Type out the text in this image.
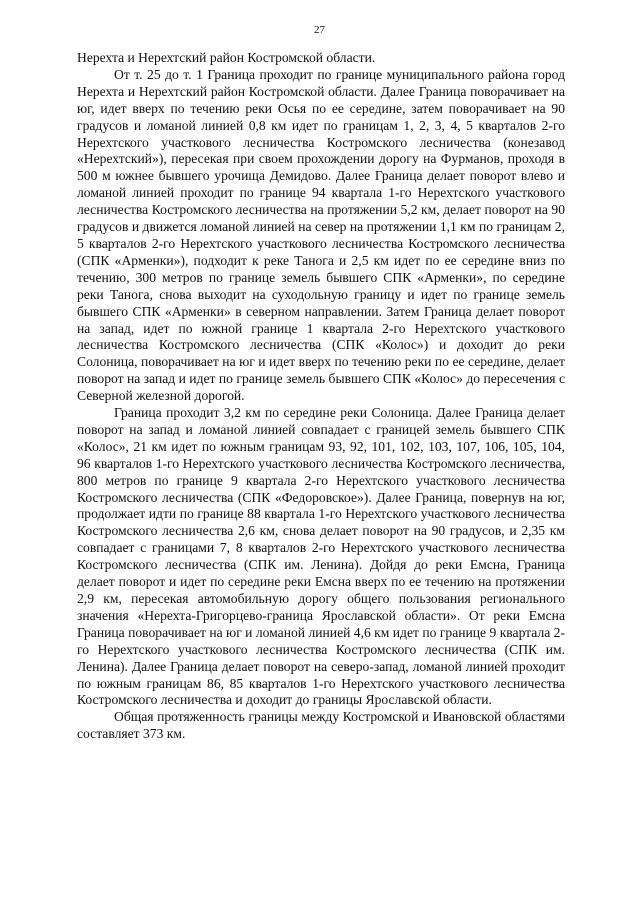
27

Нерехта и Нерехтский район Костромской области.

От т. 25 до т. 1 Граница проходит по границе муниципального района город Нерехта и Нерехтский район Костромской области. Далее Граница поворачивает на юг, идет вверх по течению реки Осья по ее середине, затем поворачивает на 90 градусов и ломаной линией 0,8 км идет по границам 1, 2, 3, 4, 5 кварталов 2-го Нерехтского участкового лесничества Костромского лесничества (конезавод «Нерехтский»), пересекая при своем прохождении дорогу на Фурманов, проходя в 500 м южнее бывшего урочища Демидово. Далее Граница делает поворот влево и ломаной линией проходит по границе 94 квартала 1-го Нерехтского участкового лесничества Костромского лесничества на протяжении 5,2 км, делает поворот на 90 градусов и движется ломаной линией на север на протяжении 1,1 км по границам 2, 5 кварталов 2-го Нерехтского участкового лесничества Костромского лесничества (СПК «Арменки»), подходит к реке Танога и 2,5 км идет по ее середине вниз по течению, 300 метров по границе земель бывшего СПК «Арменки», по середине реки Танога, снова выходит на суходольную границу и идет по границе земель бывшего СПК «Арменки» в северном направлении. Затем Граница делает поворот на запад, идет по южной границе 1 квартала 2-го Нерехтского участкового лесничества Костромского лесничества (СПК «Колос») и доходит до реки Солоница, поворачивает на юг и идет вверх по течению реки по ее середине, делает поворот на запад и идет по границе земель бывшего СПК «Колос» до пересечения с Северной железной дорогой.

Граница проходит 3,2 км по середине реки Солоница. Далее Граница делает поворот на запад и ломаной линией совпадает с границей земель бывшего СПК «Колос», 21 км идет по южным границам 93, 92, 101, 102, 103, 107, 106, 105, 104, 96 кварталов 1-го Нерехтского участкового лесничества Костромского лесничества, 800 метров по границе 9 квартала 2-го Нерехтского участкового лесничества Костромского лесничества (СПК «Федоровское»). Далее Граница, повернув на юг, продолжает идти по границе 88 квартала 1-го Нерехтского участкового лесничества Костромского лесничества 2,6 км, снова делает поворот на 90 градусов, и 2,35 км совпадает с границами 7, 8 кварталов 2-го Нерехтского участкового лесничества Костромского лесничества (СПК им. Ленина). Дойдя до реки Емсна, Граница делает поворот и идет по середине реки Емсна вверх по ее течению на протяжении 2,9 км, пересекая автомобильную дорогу общего пользования регионального значения «Нерехта-Григорцево-граница Ярославской области». От реки Емсна Граница поворачивает на юг и ломаной линией 4,6 км идет по границе 9 квартала 2-го Нерехтского участкового лесничества Костромского лесничества (СПК им. Ленина). Далее Граница делает поворот на северо-запад, ломаной линией проходит по южным границам 86, 85 кварталов 1-го Нерехтского участкового лесничества Костромского лесничества и доходит до границы Ярославской области.

Общая протяженность границы между Костромской и Ивановской областями составляет 373 км.
